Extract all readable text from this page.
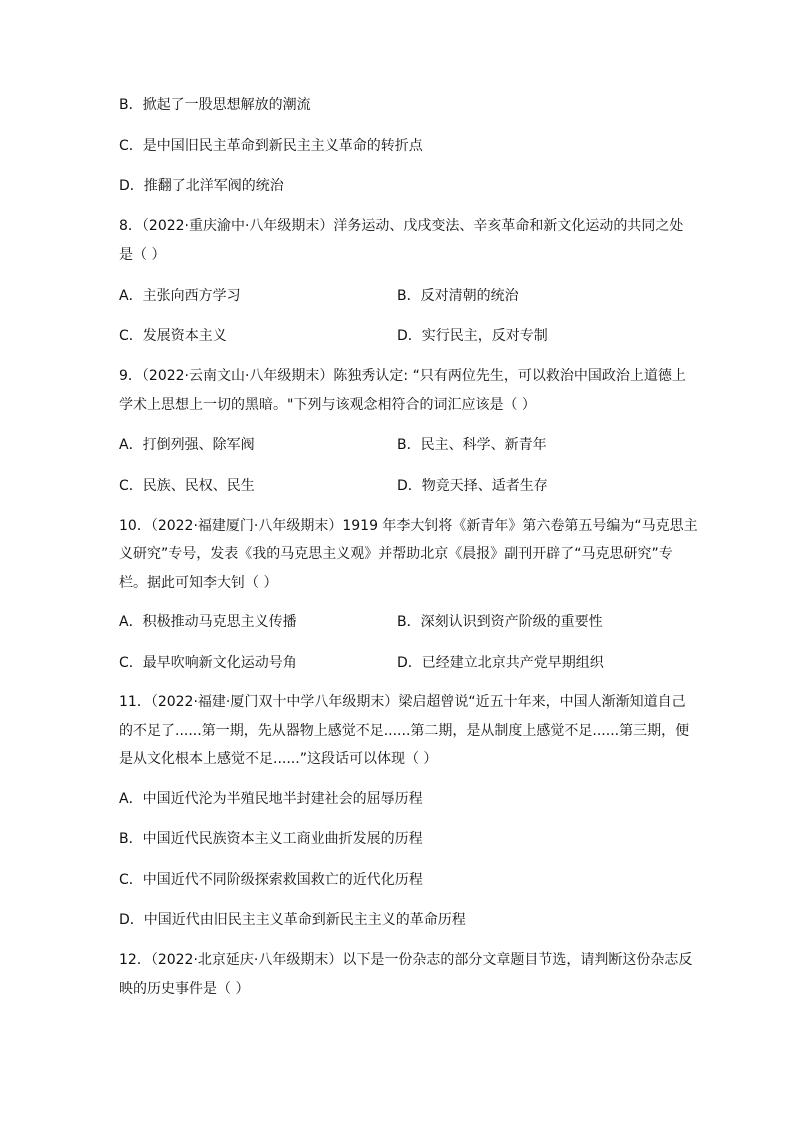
B．掀起了一股思想解放的潮流
C．是中国旧民主革命到新民主主义革命的转折点
D．推翻了北洋军阀的统治
8．（2022·重庆渝中·八年级期末）洋务运动、戊戌变法、辛亥革命和新文化运动的共同之处
是（ ）
A．主张向西方学习	B．反对清朝的统治
C．发展资本主义	D．实行民主，反对专制
9．（2022·云南文山·八年级期末）陈独秀认定: “只有两位先生，可以救治中国政治上道德上
学术上思想上一切的黑暗。"下列与该观念相符合的词汇应该是（ ）
A．打倒列强、除军阀	B．民主、科学、新青年
C．民族、民权、民生	D．物竞天择、适者生存
10．（2022·福建厦门·八年级期末）1919 年李大钊将《新青年》第六卷第五号编为“马克思主
义研究”专号，发表《我的马克思主义观》并帮助北京《晨报》副刊开辟了“马克思研究”专
栏。据此可知李大钊（ ）
A．积极推动马克思主义传播	B．深刻认识到资产阶级的重要性
C．最早吹响新文化运动号角	D．已经建立北京共产党早期组织
11．（2022·福建·厦门双十中学八年级期末）梁启超曾说“近五十年来，中国人渐渐知道自己
的不足了......第一期，先从器物上感觉不足......第二期，是从制度上感觉不足......第三期，便
是从文化根本上感觉不足......”这段话可以体现（ ）
A．中国近代沦为半殖民地半封建社会的屈辱历程
B．中国近代民族资本主义工商业曲折发展的历程
C．中国近代不同阶级探索救国救亡的近代化历程
D．中国近代由旧民主主义革命到新民主主义的革命历程
12．（2022·北京延庆·八年级期末）以下是一份杂志的部分文章题目节选，请判断这份杂志反
映的历史事件是（ ）
